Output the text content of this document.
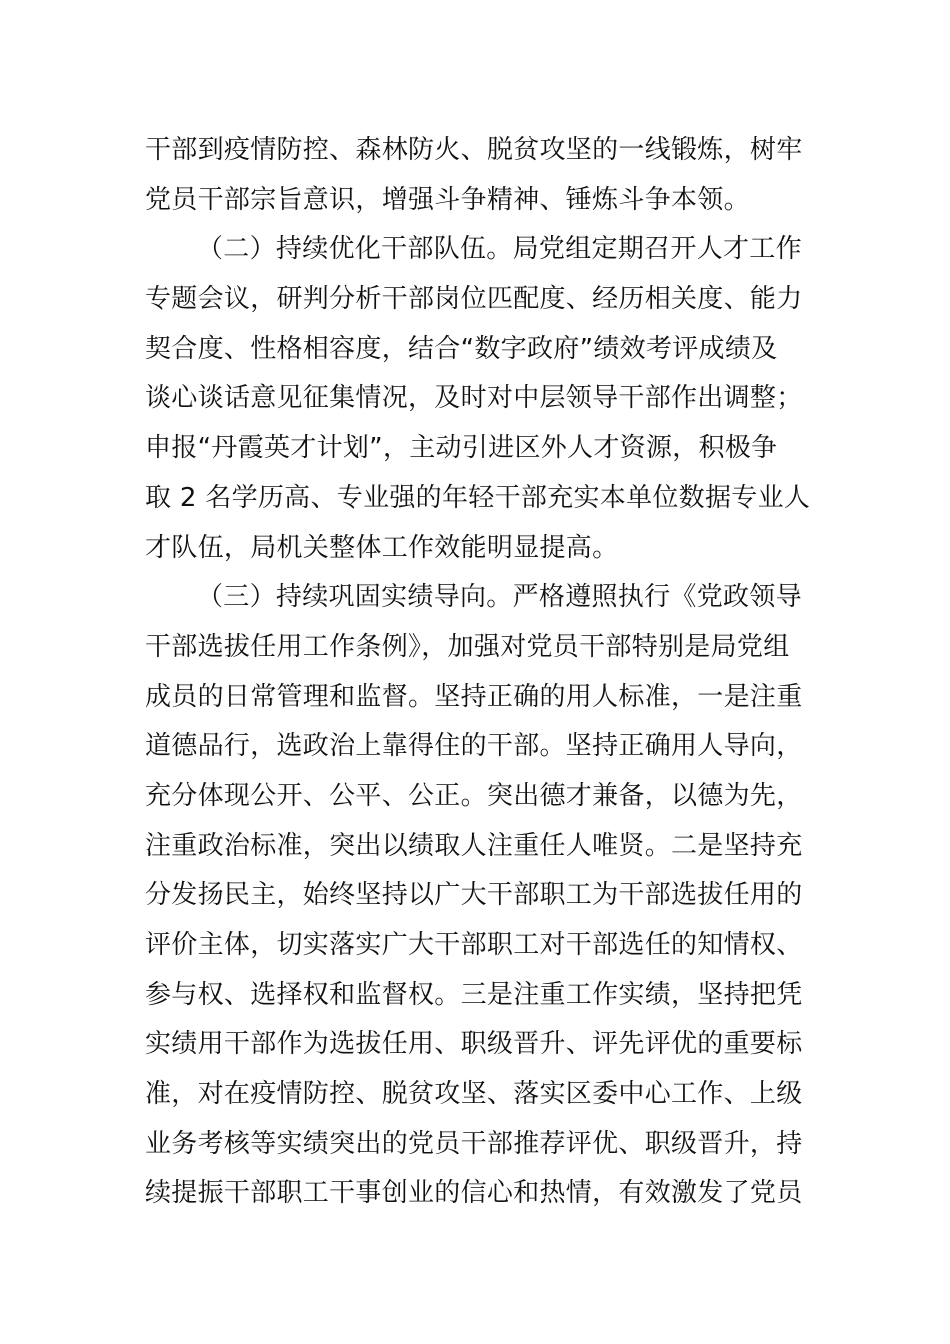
干部到疫情防控、森林防火、脱贫攻坚的一线锻炼，树牢
党员干部宗旨意识，增强斗争精神、锤炼斗争本领。
（二）持续优化干部队伍。局党组定期召开人才工作
专题会议，研判分析干部岗位匹配度、经历相关度、能力
契合度、性格相容度，结合“数字政府”绩效考评成绩及
谈心谈话意见征集情况，及时对中层领导干部作出调整；
申报“丹霞英才计划”，主动引进区外人才资源，积极争
取 2 名学历高、专业强的年轻干部充实本单位数据专业人
才队伍，局机关整体工作效能明显提高。
（三）持续巩固实绩导向。严格遵照执行《党政领导
干部选拔任用工作条例》，加强对党员干部特别是局党组
成员的日常管理和监督。坚持正确的用人标准，一是注重
道德品行，选政治上靠得住的干部。坚持正确用人导向，
充分体现公开、公平、公正。突出德才兼备，以德为先，
注重政治标准，突出以绩取人注重任人唯贤。二是坚持充
分发扬民主，始终坚持以广大干部职工为干部选拔任用的
评价主体，切实落实广大干部职工对干部选任的知情权、
参与权、选择权和监督权。三是注重工作实绩，坚持把凭
实绩用干部作为选拔任用、职级晋升、评先评优的重要标
准，对在疫情防控、脱贫攻坚、落实区委中心工作、上级
业务考核等实绩突出的党员干部推荐评优、职级晋升，持
续提振干部职工干事创业的信心和热情，有效激发了党员
